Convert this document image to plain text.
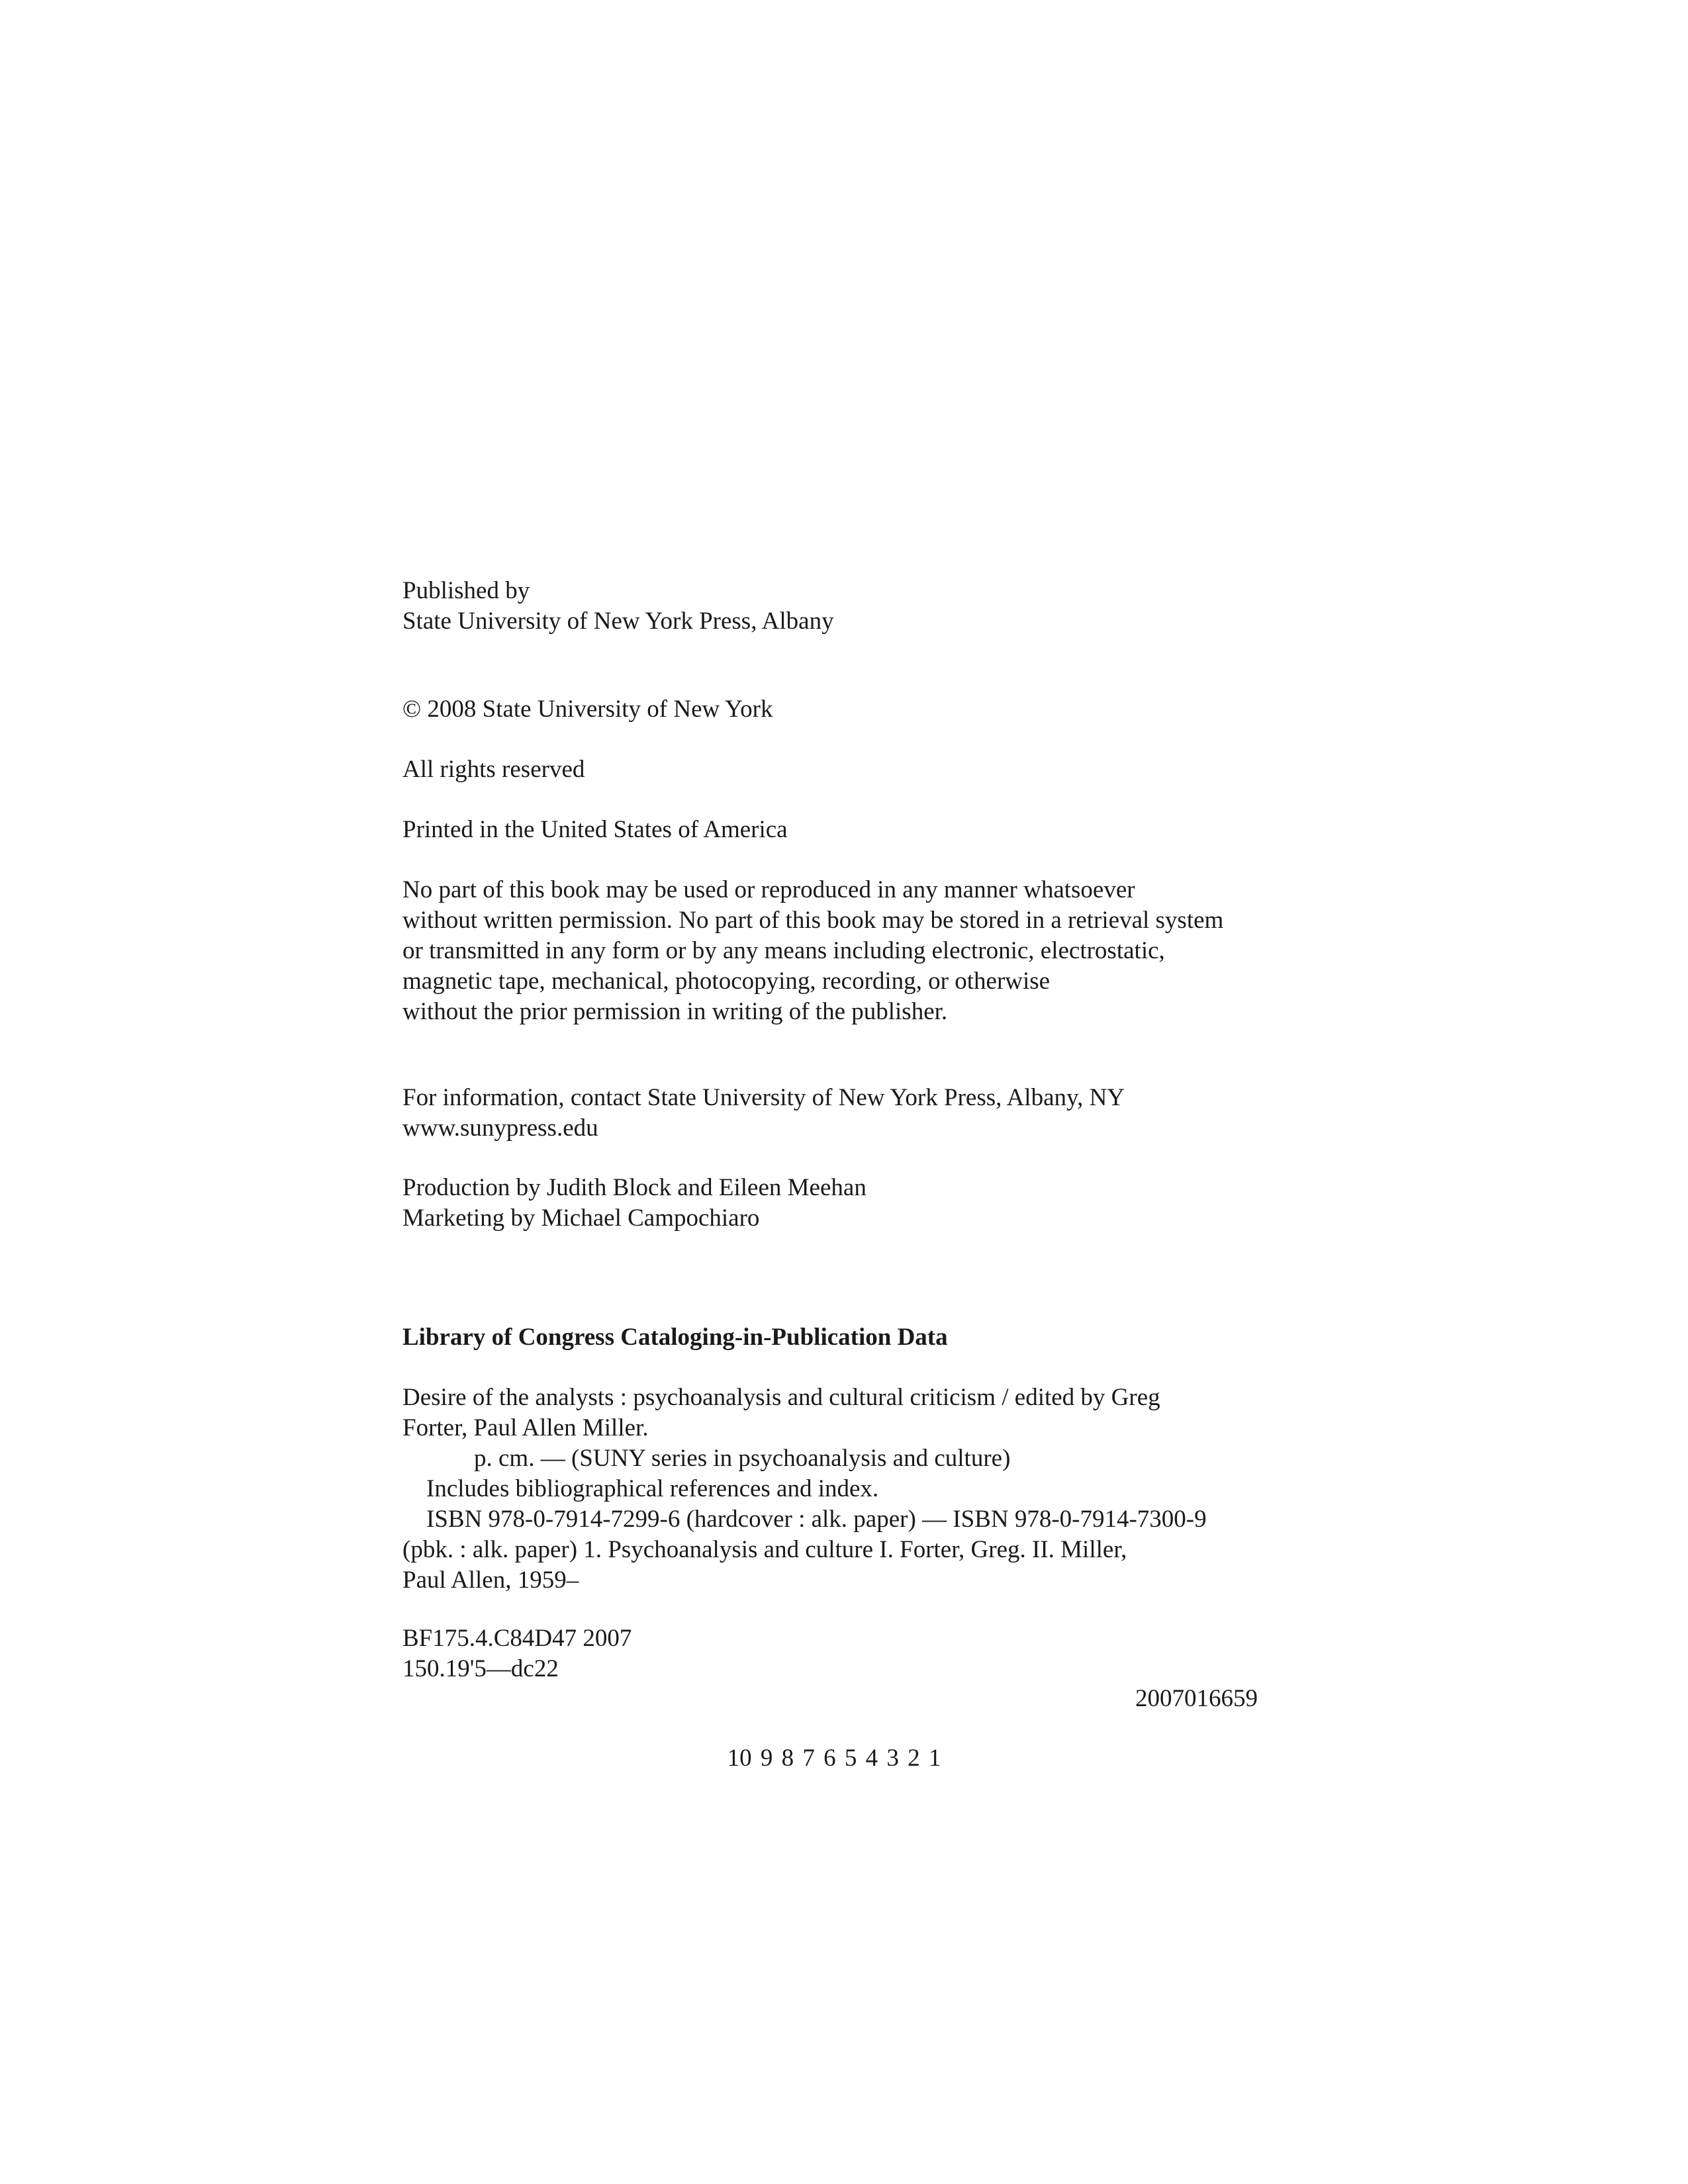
Published by
State University of New York Press, Albany
© 2008 State University of New York
All rights reserved
Printed in the United States of America
No part of this book may be used or reproduced in any manner whatsoever
without written permission. No part of this book may be stored in a retrieval system
or transmitted in any form or by any means including electronic, electrostatic,
magnetic tape, mechanical, photocopying, recording, or otherwise
without the prior permission in writing of the publisher.
For information, contact State University of New York Press, Albany, NY
www.sunypress.edu
Production by Judith Block and Eileen Meehan
Marketing by Michael Campochiaro
Library of Congress Cataloging-in-Publication Data
Desire of the analysts : psychoanalysis and cultural criticism / edited by Greg
Forter, Paul Allen Miller.
p. cm. — (SUNY series in psychoanalysis and culture)
Includes bibliographical references and index.
ISBN 978-0-7914-7299-6 (hardcover : alk. paper) — ISBN 978-0-7914-7300-9
(pbk. : alk. paper) 1. Psychoanalysis and culture I. Forter, Greg. II. Miller,
Paul Allen, 1959–
BF175.4.C84D47 2007
150.19'5—dc22
2007016659
10 9 8 7 6 5 4 3 2 1
